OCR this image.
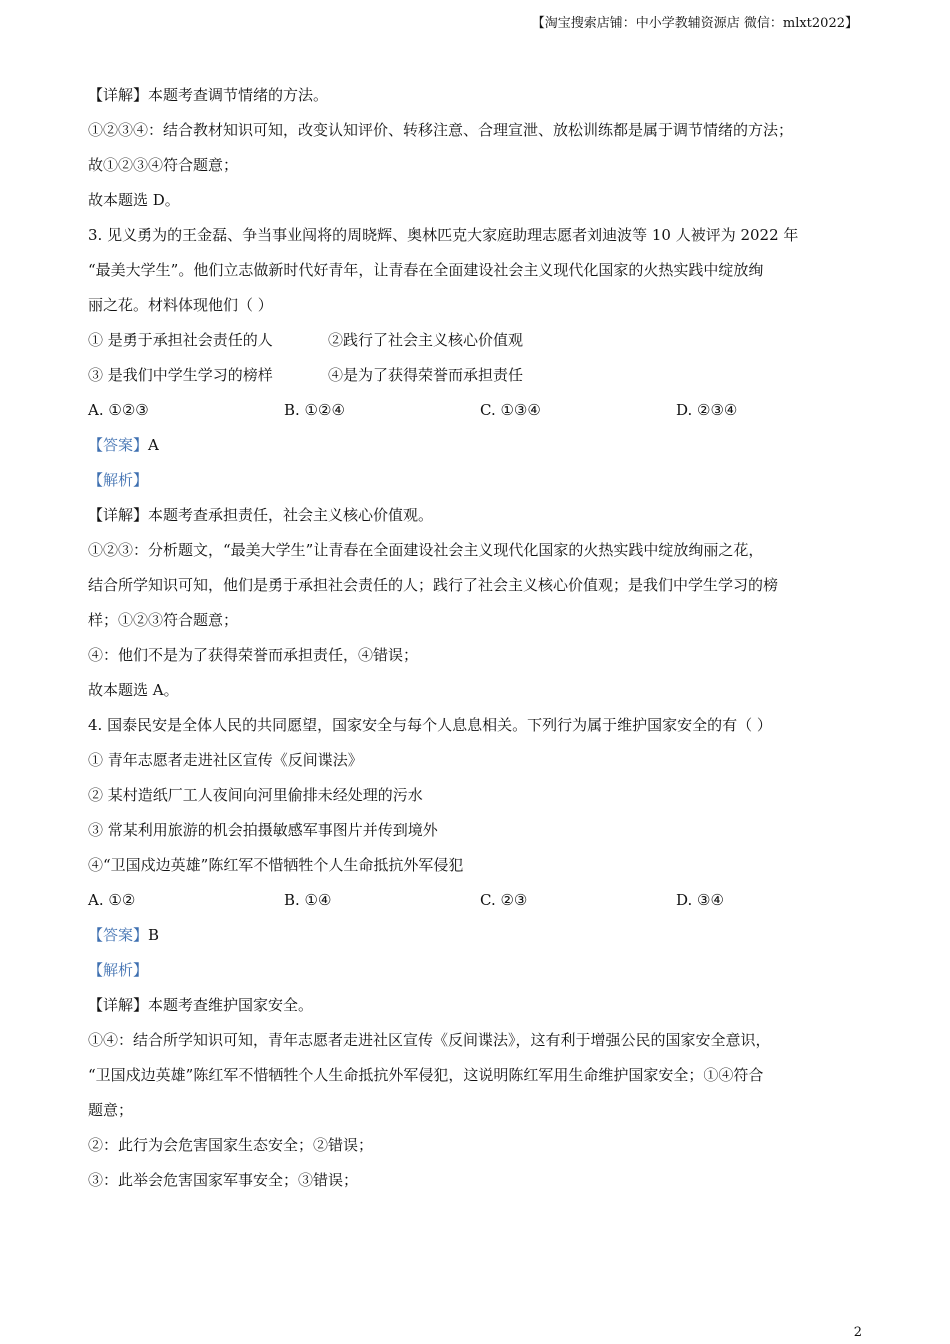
【淘宝搜索店铺：中小学教辅资源店 微信：mlxt2022】
【详解】本题考查调节情绪的方法。
①②③④：结合教材知识可知，改变认知评价、转移注意、合理宣泄、放松训练都是属于调节情绪的方法；
故①②③④符合题意；
故本题选 D。
3. 见义勇为的王金磊、争当事业闯将的周晓辉、奥林匹克大家庭助理志愿者刘迪波等 10 人被评为 2022 年
“最美大学生”。他们立志做新时代好青年，让青春在全面建设社会主义现代化国家的火热实践中绽放绚
丽之花。材料体现他们（ ）
① 是勇于承担社会责任的人	②践行了社会主义核心价值观
③ 是我们中学生学习的榜样	④是为了获得荣誉而承担责任
A. ①②③	B. ①②④	C. ①③④	D. ②③④
【答案】A
【解析】
【详解】本题考查承担责任，社会主义核心价值观。
①②③：分析题文，“最美大学生”让青春在全面建设社会主义现代化国家的火热实践中绽放绚丽之花，
结合所学知识可知，他们是勇于承担社会责任的人；践行了社会主义核心价值观；是我们中学生学习的榜
样；①②③符合题意；
④：他们不是为了获得荣誉而承担责任，④错误；
故本题选 A。
4. 国泰民安是全体人民的共同愿望，国家安全与每个人息息相关。下列行为属于维护国家安全的有（ ）
① 青年志愿者走进社区宣传《反间谍法》
② 某村造纸厂工人夜间向河里偷排未经处理的污水
③ 常某利用旅游的机会拍摄敏感军事图片并传到境外
④“卫国戍边英雄”陈红军不惜牺牲个人生命抵抗外军侵犯
A. ①②	B. ①④	C. ②③	D. ③④
【答案】B
【解析】
【详解】本题考查维护国家安全。
①④：结合所学知识可知，青年志愿者走进社区宣传《反间谍法》，这有利于增强公民的国家安全意识，
“卫国戍边英雄”陈红军不惜牺牲个人生命抵抗外军侵犯，这说明陈红军用生命维护国家安全；①④符合
题意；
②：此行为会危害国家生态安全；②错误；
③：此举会危害国家军事安全；③错误；
2
